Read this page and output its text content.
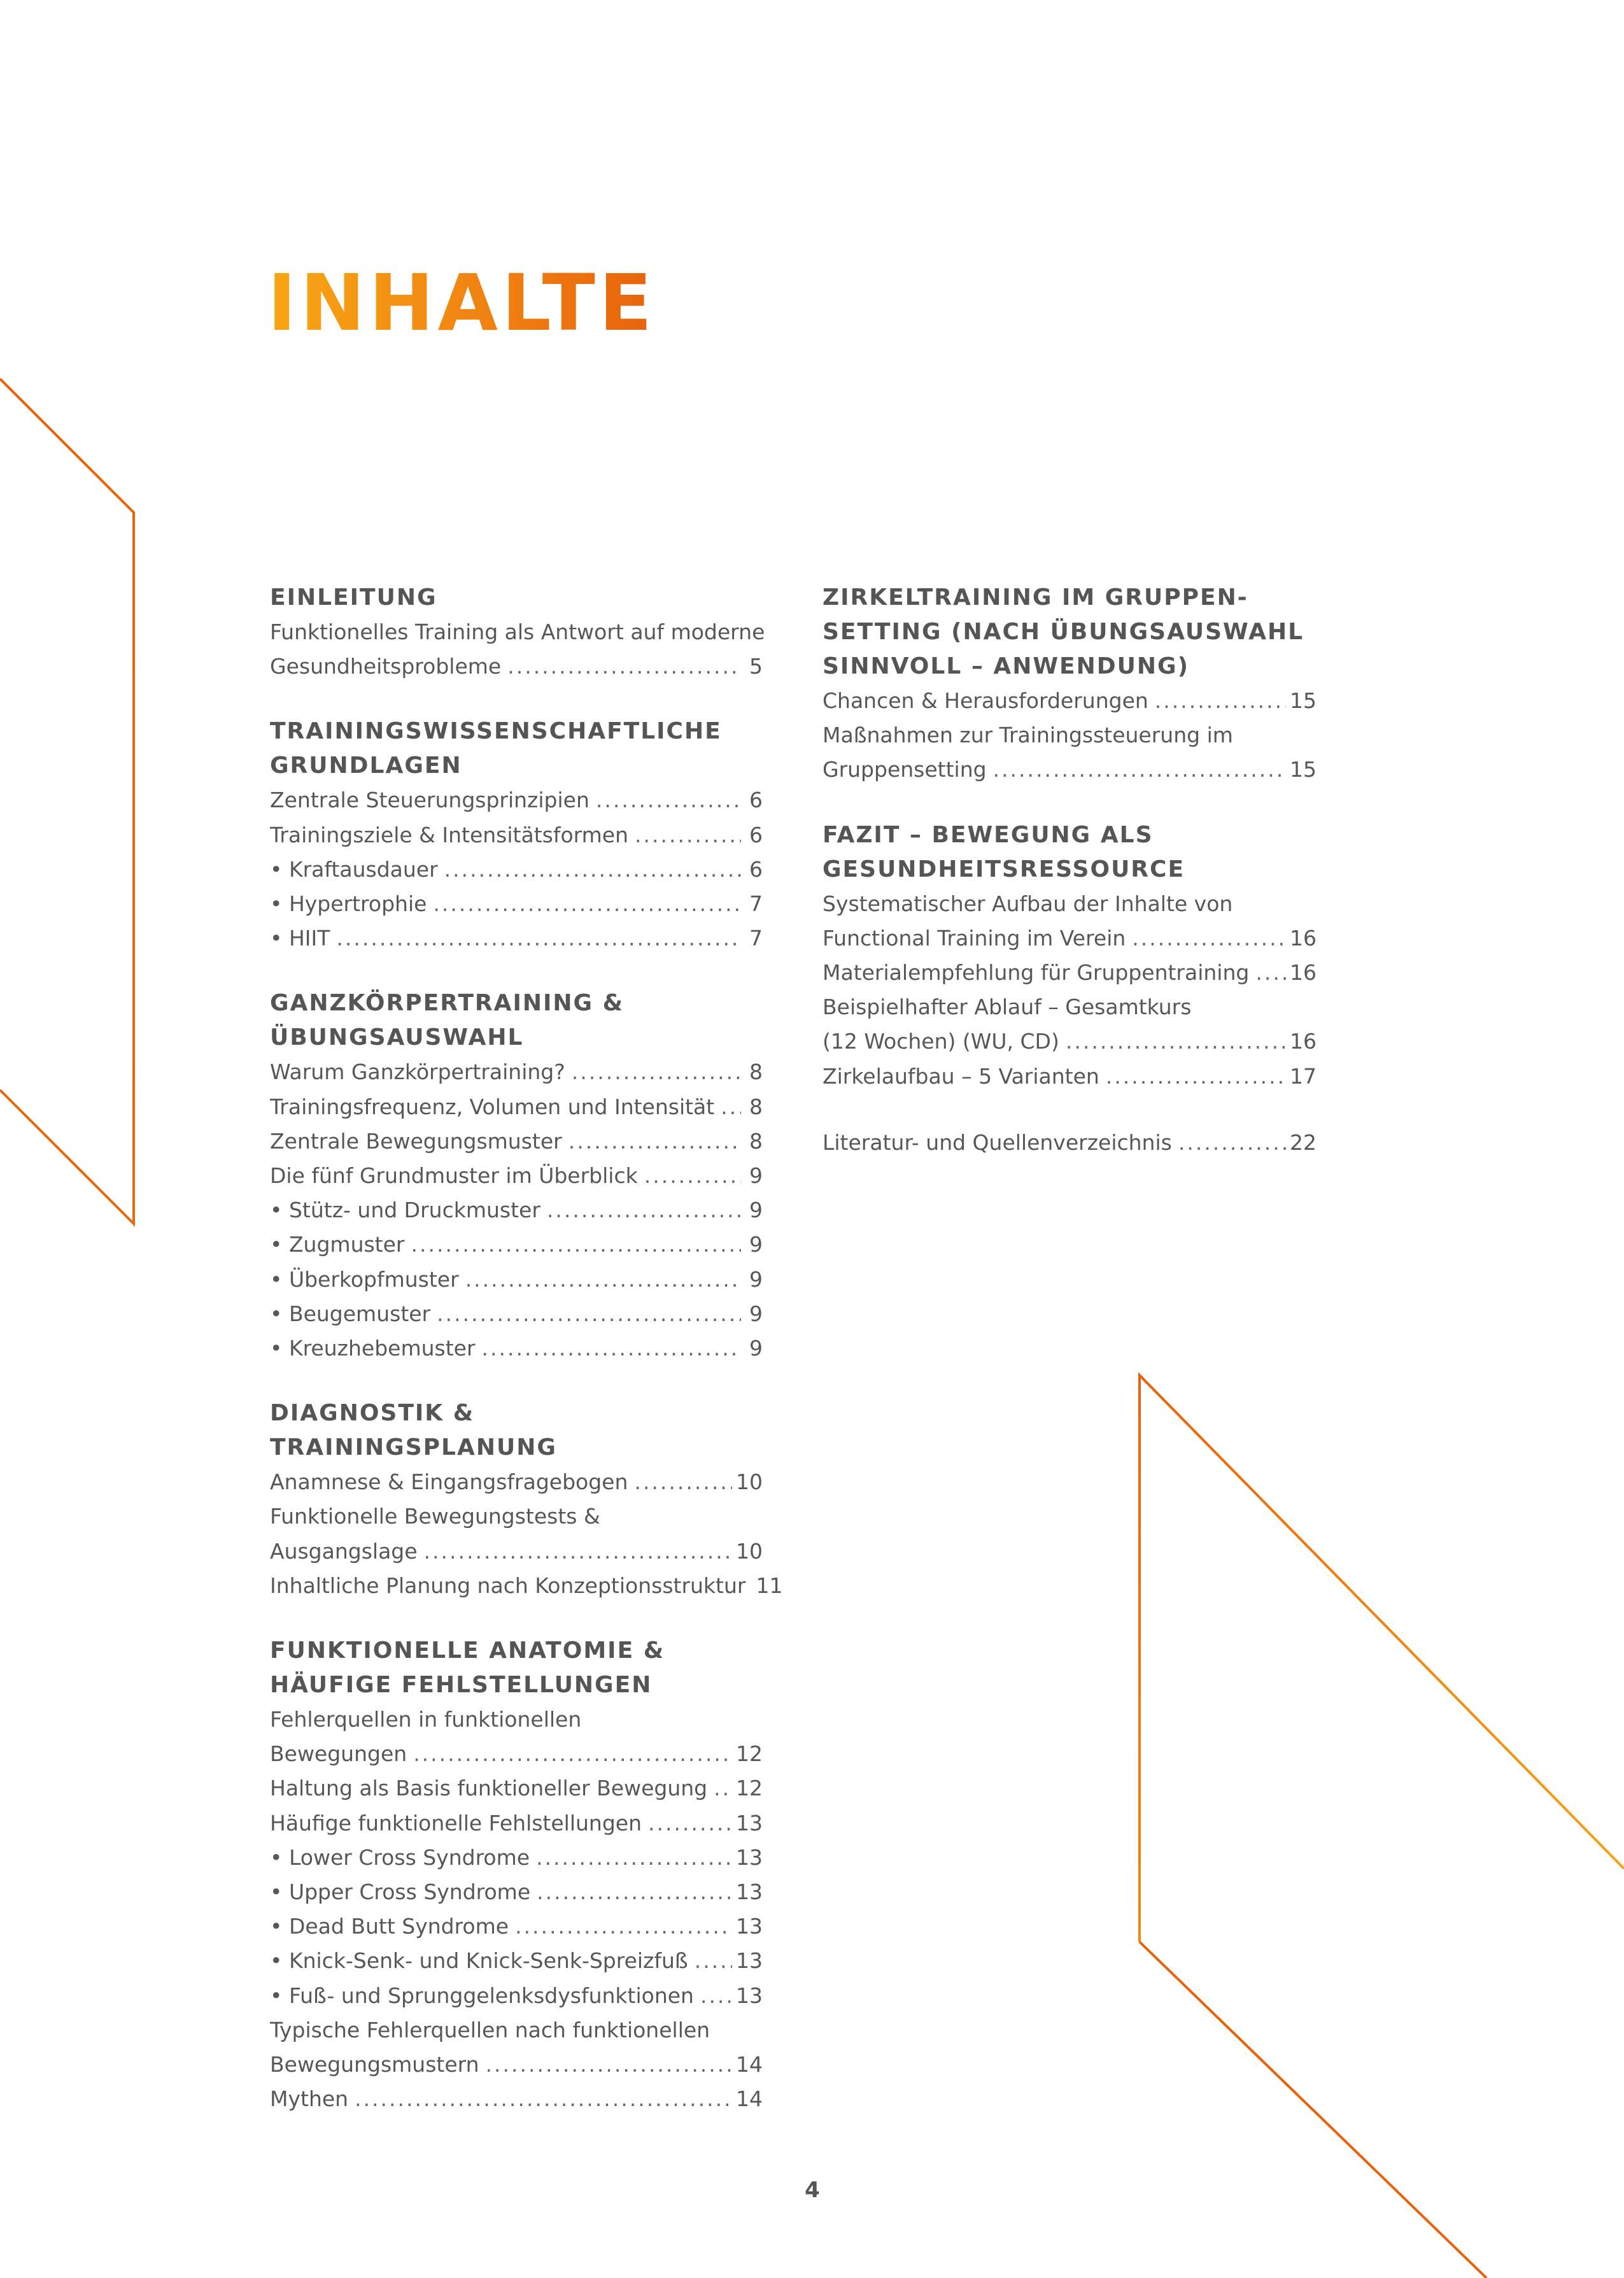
INHALTE
EINLEITUNG
Funktionelles Training als Antwort auf moderne
Gesundheitsprobleme .....	5
TRAININGSWISSENSCHAFTLICHE
GRUNDLAGEN
Zentrale Steuerungsprinzipien .....	6
Trainingsziele & Intensitätsformen .....	6
• Kraftausdauer .....	6
• Hypertrophie .....	7
• HIIT .....	7
GANZKÖRPERTRAINING &
ÜBUNGSAUSWAHL
Warum Ganzkörpertraining? .....	8
Trainingsfrequenz, Volumen und Intensität ..... 8
Zentrale Bewegungsmuster .....	8
Die fünf Grundmuster im Überblick .....	9
• Stütz- und Druckmuster .....	9
• Zugmuster .....	9
• Überkopfmuster .....	9
• Beugemuster .....	9
• Kreuzhebemuster .....	9
DIAGNOSTIK & TRAININGSPLANUNG
Anamnese & Eingangsfragebogen .....	10
Funktionelle Bewegungstests &
Ausgangslage .....	10
Inhaltliche Planung nach Konzeptionsstruktur 11
FUNKTIONELLE ANATOMIE &
HÄUFIGE FEHLSTELLUNGEN
Fehlerquellen in funktionellen
Bewegungen .....	12
Haltung als Basis funktioneller Bewegung ..... 12
Häufige funktionelle Fehlstellungen .....	13
• Lower Cross Syndrome .....	13
• Upper Cross Syndrome .....	13
• Dead Butt Syndrome .....	13
• Knick-Senk- und Knick-Senk-Spreizfuß ..... 13
• Fuß- und Sprunggelenksdysfunktionen ..... 13
Typische Fehlerquellen nach funktionellen
Bewegungsmustern .....	14
Mythen .....	14
ZIRKELTRAINING IM GRUPPEN-
SETTING (NACH ÜBUNGSAUSWAHL
SINNVOLL – ANWENDUNG)
Chancen & Herausforderungen .....	15
Maßnahmen zur Trainingssteuerung im
Gruppensetting .....	15
FAZIT – BEWEGUNG ALS
GESUNDHEITSRESSOURCE
Systematischer Aufbau der Inhalte von
Functional Training im Verein .....	16
Materialempfehlung für Gruppentraining ..... 16
Beispielhafter Ablauf – Gesamtkurs
(12 Wochen) (WU, CD) .....	16
Zirkelaufbau – 5 Varianten .....	17
Literatur- und Quellenverzeichnis .....	22
4
